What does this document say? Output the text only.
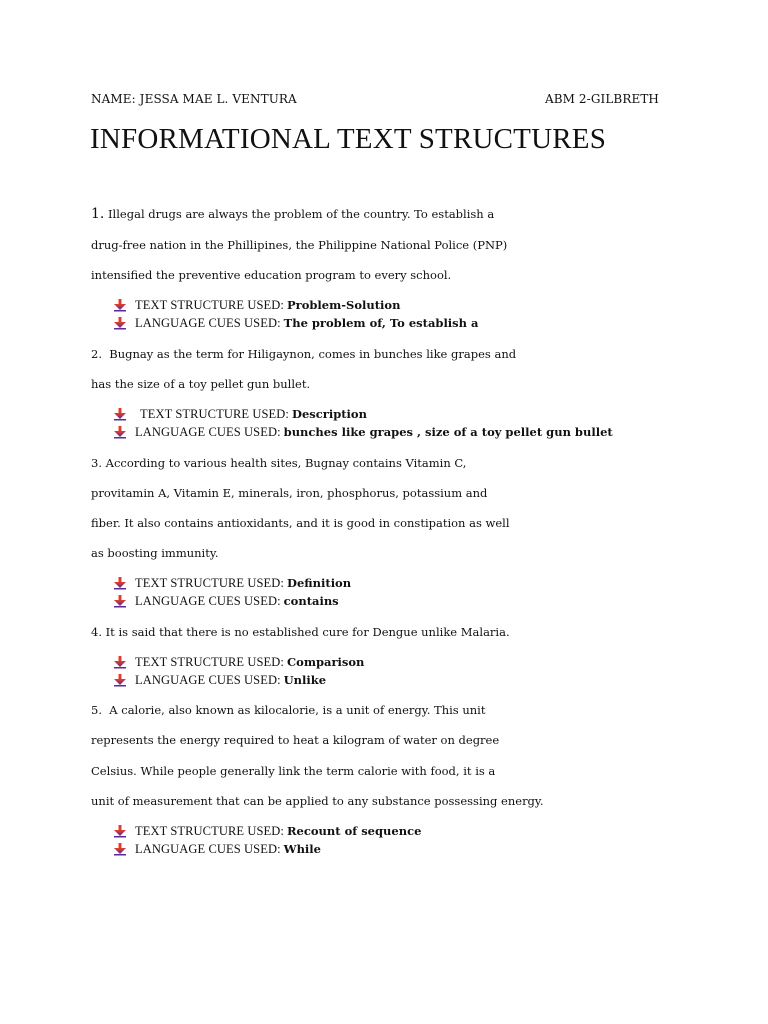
NAME: JESSA MAE L. VENTURA	ABM 2-GILBRETH
INFORMATIONAL TEXT STRUCTURES
1. Illegal drugs are always the problem of the country. To establish a
drug-free nation in the Phillipines, the Philippine National Police (PNP)
intensified the preventive education program to every school.
TEXT STRUCTURE USED: Problem-Solution
LANGUAGE CUES USED: The problem of, To establish a
2. Bugnay as the term for Hiligaynon, comes in bunches like grapes and
has the size of a toy pellet gun bullet.
TEXT STRUCTURE USED: Description
LANGUAGE CUES USED: bunches like grapes , size of a toy pellet gun bullet
3. According to various health sites, Bugnay contains Vitamin C,
provitamin A, Vitamin E, minerals, iron, phosphorus, potassium and
fiber. It also contains antioxidants, and it is good in constipation as well
as boosting immunity.
TEXT STRUCTURE USED: Definition
LANGUAGE CUES USED: contains
4. It is said that there is no established cure for Dengue unlike Malaria.
TEXT STRUCTURE USED: Comparison
LANGUAGE CUES USED: Unlike
5. A calorie, also known as kilocalorie, is a unit of energy. This unit
represents the energy required to heat a kilogram of water on degree
Celsius. While people generally link the term calorie with food, it is a
unit of measurement that can be applied to any substance possessing energy.
TEXT STRUCTURE USED: Recount of sequence
LANGUAGE CUES USED: While
